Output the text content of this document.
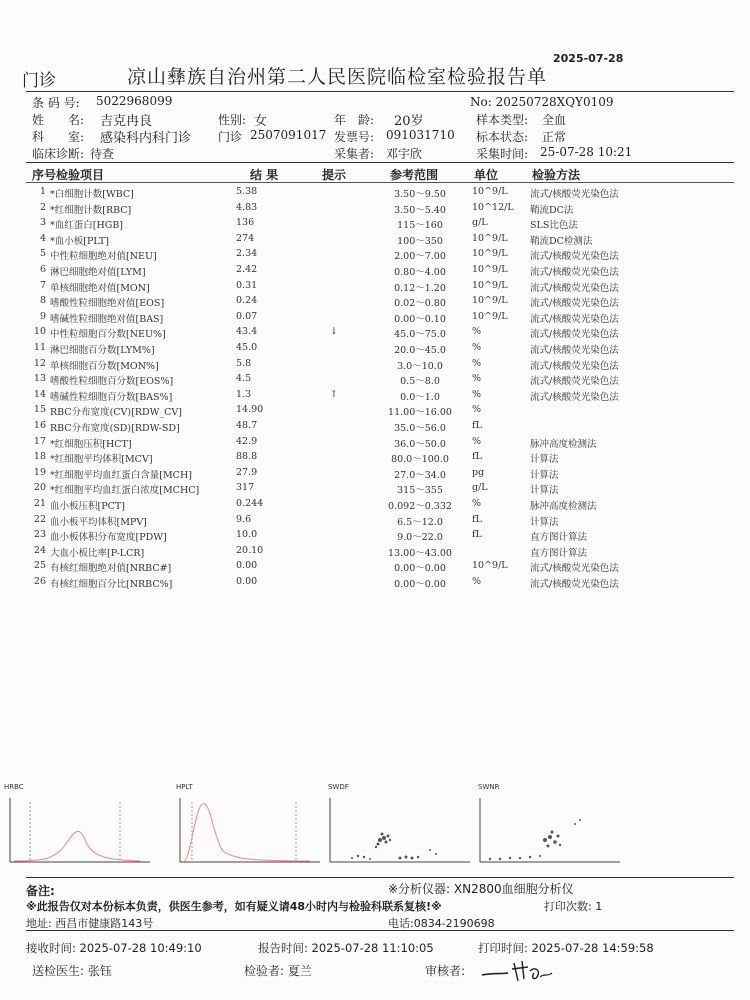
2025-07-28
门诊	凉山彝族自治州第二人民医院临检室检验报告单
条 码 号: 5022968099	No: 20250728XQY0109
姓　　名: 吉克冉良	性别: 女	年　龄: 20岁	样本类型: 全血
科　　室: 感染科内科门诊 门诊 2507091017 发票号: 091031710 标本状态: 正常
临床诊断: 待查	采集者: 邓宇欣	采集时间: 25-07-28 10:21
序号检验项目	结 果	提示	参考范围	单位	检验方法
1 *白细胞计数[WBC]	5.38	3.50～9.50	10^9/L 流式/核酸荧光染色法
2 *红细胞计数[RBC]	4.83	3.50～5.40	10^12/L 鞘流DC法
3 *血红蛋白[HGB]	136	115～160	g/L	SLS比色法
4 *血小板[PLT]	274	100～350	10^9/L 鞘流DC检测法
5 中性粒细胞绝对值[NEU]	2.34	2.00～7.00	10^9/L 流式/核酸荧光染色法
6 淋巴细胞绝对值[LYM]	2.42	0.80～4.00	10^9/L 流式/核酸荧光染色法
7 单核细胞绝对值[MON]	0.31	0.12～1.20	10^9/L 流式/核酸荧光染色法
8 嗜酸性粒细胞绝对值[EOS]	0.24	0.02～0.80	10^9/L 流式/核酸荧光染色法
9 嗜碱性粒细胞绝对值[BAS]	0.07	0.00～0.10	10^9/L 流式/核酸荧光染色法
10 中性粒细胞百分数[NEU%]	43.4	↓	45.0～75.0	%	流式/核酸荧光染色法
11 淋巴细胞百分数[LYM%]	45.0	20.0～45.0	%	流式/核酸荧光染色法
12 单核细胞百分数[MON%]	5.8	3.0～10.0	%	流式/核酸荧光染色法
13 嗜酸性粒细胞百分数[EOS%]	4.5	0.5～8.0	%	流式/核酸荧光染色法
14 嗜碱性粒细胞百分数[BAS%]	1.3	↑	0.0～1.0	%	流式/核酸荧光染色法
15 RBC分布宽度(CV)[RDW_CV]	14.90	11.00～16.00	%
16 RBC分布宽度(SD)[RDW-SD]	48.7	35.0～56.0	fL
17 *红细胞压积[HCT]	42.9	36.0～50.0	%	脉冲高度检测法
18 *红细胞平均体积[MCV]	88.8	80.0～100.0	fL	计算法
19 *红细胞平均血红蛋白含量[MCH]	27.9	27.0～34.0	pg	计算法
20 *红细胞平均血红蛋白浓度[MCHC]	317	315～355	g/L	计算法
21 血小板压积[PCT]	0.244	0.092～0.332	%	脉冲高度检测法
22 血小板平均体积[MPV]	9.6	6.5～12.0	fL	计算法
23 血小板体积分布宽度[PDW]	10.0	9.0～22.0	fL	直方图计算法
24 大血小板比率[P-LCR]	20.10	13.00～43.00	直方图计算法
25 有核红细胞绝对值[NRBC#]	0.00	0.00～0.00	10^9/L 流式/核酸荧光染色法
26 有核红细胞百分比[NRBC%]	0.00	0.00～0.00	%	流式/核酸荧光染色法
HRBC	HPLT	SWDF	SWNR
备注:	※分析仪器: XN2800血细胞分析仪
※此报告仅对本份标本负责，供医生参考，如有疑义请48小时内与检验科联系复核!※	打印次数: 1
地址: 西昌市健康路143号	电话:0834-2190698
接收时间: 2025-07-28 10:49:10	报告时间: 2025-07-28 11:10:05	打印时间: 2025-07-28 14:59:58
送检医生: 张钰	检验者: 夏兰	审核者:
